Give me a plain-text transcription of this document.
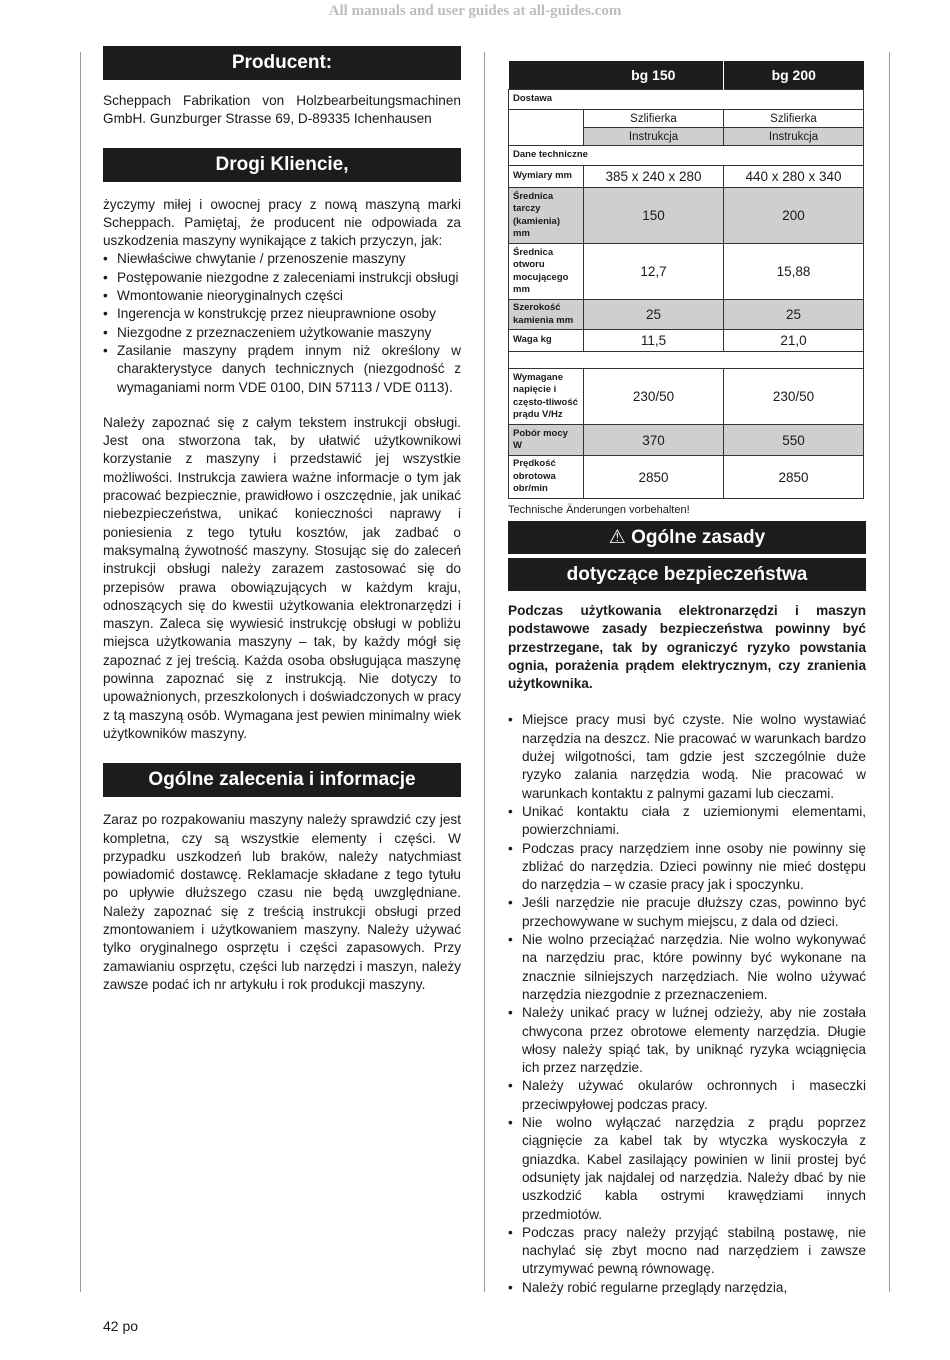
All manuals and user guides at all-guides.com
Producent:

Scheppach Fabrikation von Holzbearbeitungsmachinen GmbH. Gunzburger Strasse 69, D-89335 Ichenhausen

Drogi Kliencie,

życzymy miłej i owocnej pracy z nową maszyną marki Scheppach. Pamiętaj, że producent nie odpowiada za uszkodzenia maszyny wynikające z takich przyczyn, jak:

• Niewłaściwe chwytanie / przenoszenie maszyny
• Postępowanie niezgodne z zaleceniami instrukcji obsługi
• Wmontowanie nieoryginalnych części
• Ingerencja w konstrukcję przez nieuprawnione osoby
• Niezgodne z przeznaczeniem użytkowanie maszyny
• Zasilanie maszyny prądem innym niż określony w charakterystyce danych technicznych (niezgodność z wymaganiami norm VDE 0100, DIN 57113 / VDE 0113).

Należy zapoznać się z całym tekstem instrukcji obsługi. Jest ona stworzona tak, by ułatwić użytkownikowi korzystanie z maszyny i przedstawić jej wszystkie możliwości. Instrukcja zawiera ważne informacje o tym jak pracować bezpiecznie, prawidłowo i oszczędnie, jak unikać niebezpieczeństwa, unikać konieczności naprawy i poniesienia z tego tytułu kosztów, jak zadbać o maksymalną żywotność maszyny. Stosując się do zaleceń instrukcji obsługi należy zarazem zastosować się do przepisów prawa obowiązujących w każdym kraju, odnoszących się do kwestii użytkowania elektronarzędzi i maszyn. Zaleca się wywiesić instrukcję obsługi w pobliżu miejsca użytkowania maszyny – tak, by każdy mógł się zapoznać z jej treścią. Każda osoba obsługująca maszynę powinna zapoznać się z instrukcją. Nie dotyczy to upoważnionych, przeszkolonych i doświadczonych w pracy z tą maszyną osób. Wymagana jest pewien minimalny wiek użytkowników maszyny.

Ogólne zalecenia i informacje

Zaraz po rozpakowaniu maszyny należy sprawdzić czy jest kompletna, czy są wszystkie elementy i części. W przypadku uszkodzeń lub braków, należy natychmiast powiadomić dostawcę. Reklamacje składane z tego tytułu po upływie dłuższego czasu nie będą uwzględniane. Należy zapoznać się z treścią instrukcji obsługi przed zmontowaniem i użytkowaniem maszyny. Należy używać tylko oryginalnego osprzętu i części zapasowych. Przy zamawianiu osprzętu, części lub narzędzi i maszyn, należy zawsze podać ich nr artykułu i rok produkcji maszyny.

	bg 150	bg 200
Dostawa		
	Szlifierka	Szlifierka
	Instrukcja	Instrukcja
Dane techniczne		
Wymiary mm	385 x 240 x 280	440 x 280 x 340
Średnica tarczy (kamienia) mm	150	200
Średnica otworu mocującego mm	12,7	15,88
Szerokość kamienia mm	25	25
Waga kg	11,5	21,0

Wymagane napięcie i często-tliwość prądu V/Hz	230/50	230/50
Pobór mocy W	370	550
Prędkość obrotowa obr/min	2850	2850
Technische Änderungen vorbehalten!
⚠ Ogólne zasady
dotyczące bezpieczeństwa

Podczas użytkowania elektronarzędzi i maszyn podstawowe zasady bezpieczeństwa powinny być przestrzegane, tak by ograniczyć ryzyko powstania ognia, porażenia prądem elektrycznym, czy zranienia użytkownika.

• Miejsce pracy musi być czyste. Nie wolno wystawiać narzędzia na deszcz. Nie pracować w warunkach bardzo dużej wilgotności, tam gdzie jest szczególnie duże ryzyko zalania narzędzia wodą. Nie pracować w warunkach kontaktu z palnymi gazami lub cieczami.
• Unikać kontaktu ciała z uziemionymi elementami, powierzchniami.
• Podczas pracy narzędziem inne osoby nie powinny się zbliżać do narzędzia. Dzieci powinny nie mieć dostępu do narzędzia – w czasie pracy jak i spoczynku.
• Jeśli narzędzie nie pracuje dłuższy czas, powinno być przechowywane w suchym miejscu, z dala od dzieci.
• Nie wolno przeciążać narzędzia. Nie wolno wykonywać na narzędziu prac, które powinny być wykonane na znacznie silniejszych narzędziach. Nie wolno używać narzędzia niezgodnie z przeznaczeniem.
• Należy unikać pracy w luźnej odzieży, aby nie została chwycona przez obrotowe elementy narzędzia. Długie włosy należy spiąć tak, by uniknąć ryzyka wciągnięcia ich przez narzędzie.
• Należy używać okularów ochronnych i maseczki przeciwpyłowej podczas pracy.
• Nie wolno wyłączać narzędzia z prądu poprzez ciągnięcie za kabel tak by wtyczka wyskoczyła z gniazdka. Kabel zasilający powinien w linii prostej być odsunięty jak najdalej od narzędzia. Należy dbać by nie uszkodzić kabla ostrymi krawędziami innych przedmiotów.
• Podczas pracy należy przyjąć stabilną postawę, nie nachylać się zbyt mocno nad narzędziem i zawsze utrzymywać pewną równowagę.
• Należy robić regularne przeglądy narzędzia,
42 po
